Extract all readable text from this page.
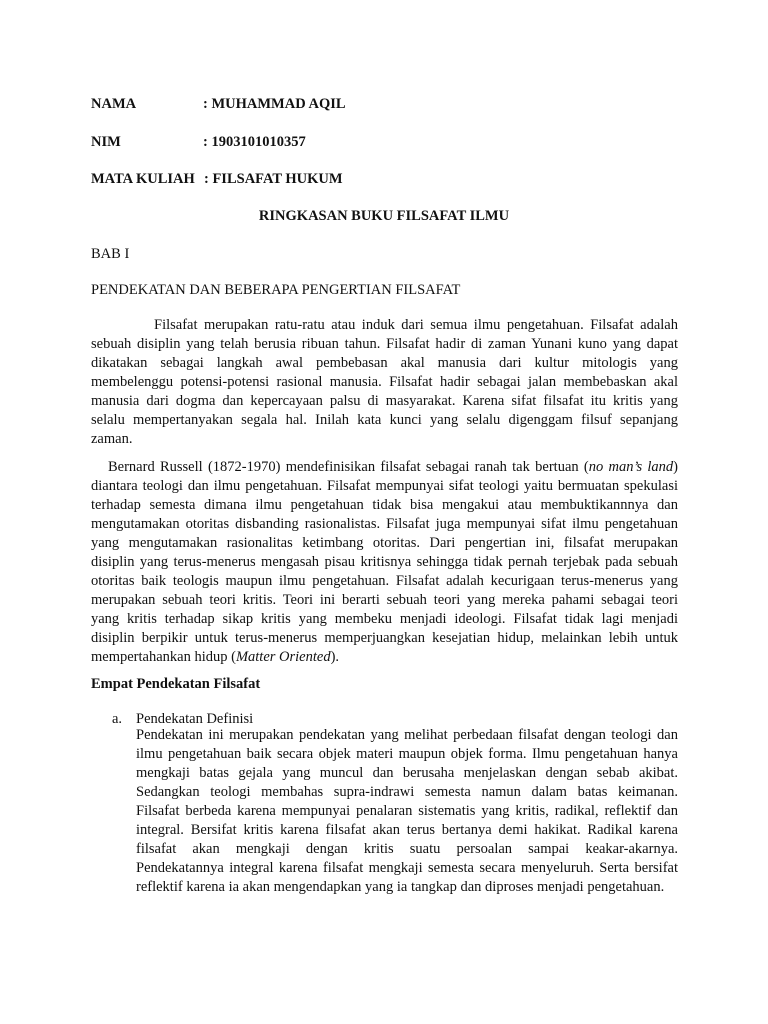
NAMA	: MUHAMMAD AQIL
NIM	: 1903101010357
MATA KULIAH : FILSAFAT HUKUM
RINGKASAN BUKU FILSAFAT ILMU
BAB I
PENDEKATAN DAN BEBERAPA PENGERTIAN FILSAFAT
Filsafat merupakan ratu-ratu atau induk dari semua ilmu pengetahuan. Filsafat adalah
sebuah disiplin yang telah berusia ribuan tahun. Filsafat hadir di zaman Yunani kuno yang dapat
dikatakan sebagai langkah awal pembebasan akal manusia dari kultur mitologis yang
membelenggu potensi-potensi rasional manusia. Filsafat hadir sebagai jalan membebaskan akal
manusia dari dogma dan kepercayaan palsu di masyarakat. Karena sifat filsafat itu kritis yang
selalu mempertanyakan segala hal. Inilah kata kunci yang selalu digenggam filsuf sepanjang
zaman.
Bernard Russell (1872-1970) mendefinisikan filsafat sebagai ranah tak bertuan (no man’s land)
diantara teologi dan ilmu pengetahuan. Filsafat mempunyai sifat teologi yaitu bermuatan spekulasi
terhadap semesta dimana ilmu pengetahuan tidak bisa mengakui atau membuktikannnya dan
mengutamakan otoritas disbanding rasionalistas. Filsafat juga mempunyai sifat ilmu pengetahuan
yang mengutamakan rasionalitas ketimbang otoritas. Dari pengertian ini, filsafat merupakan
disiplin yang terus-menerus mengasah pisau kritisnya sehingga tidak pernah terjebak pada sebuah
otoritas baik teologis maupun ilmu pengetahuan. Filsafat adalah kecurigaan terus-menerus yang
merupakan sebuah teori kritis. Teori ini berarti sebuah teori yang mereka pahami sebagai teori
yang kritis terhadap sikap kritis yang membeku menjadi ideologi. Filsafat tidak lagi menjadi
disiplin berpikir untuk terus-menerus memperjuangkan kesejatian hidup, melainkan lebih untuk
mempertahankan hidup (Matter Oriented).
Empat Pendekatan Filsafat
a. Pendekatan Definisi
Pendekatan ini merupakan pendekatan yang melihat perbedaan filsafat dengan teologi dan
ilmu pengetahuan baik secara objek materi maupun objek forma. Ilmu pengetahuan hanya
mengkaji batas gejala yang muncul dan berusaha menjelaskan dengan sebab akibat.
Sedangkan teologi membahas supra-indrawi semesta namun dalam batas keimanan.
Filsafat berbeda karena mempunyai penalaran sistematis yang kritis, radikal, reflektif dan
integral. Bersifat kritis karena filsafat akan terus bertanya demi hakikat. Radikal karena
filsafat akan mengkaji dengan kritis suatu persoalan sampai keakar-akarnya.
Pendekatannya integral karena filsafat mengkaji semesta secara menyeluruh. Serta bersifat
reflektif karena ia akan mengendapkan yang ia tangkap dan diproses menjadi pengetahuan.
